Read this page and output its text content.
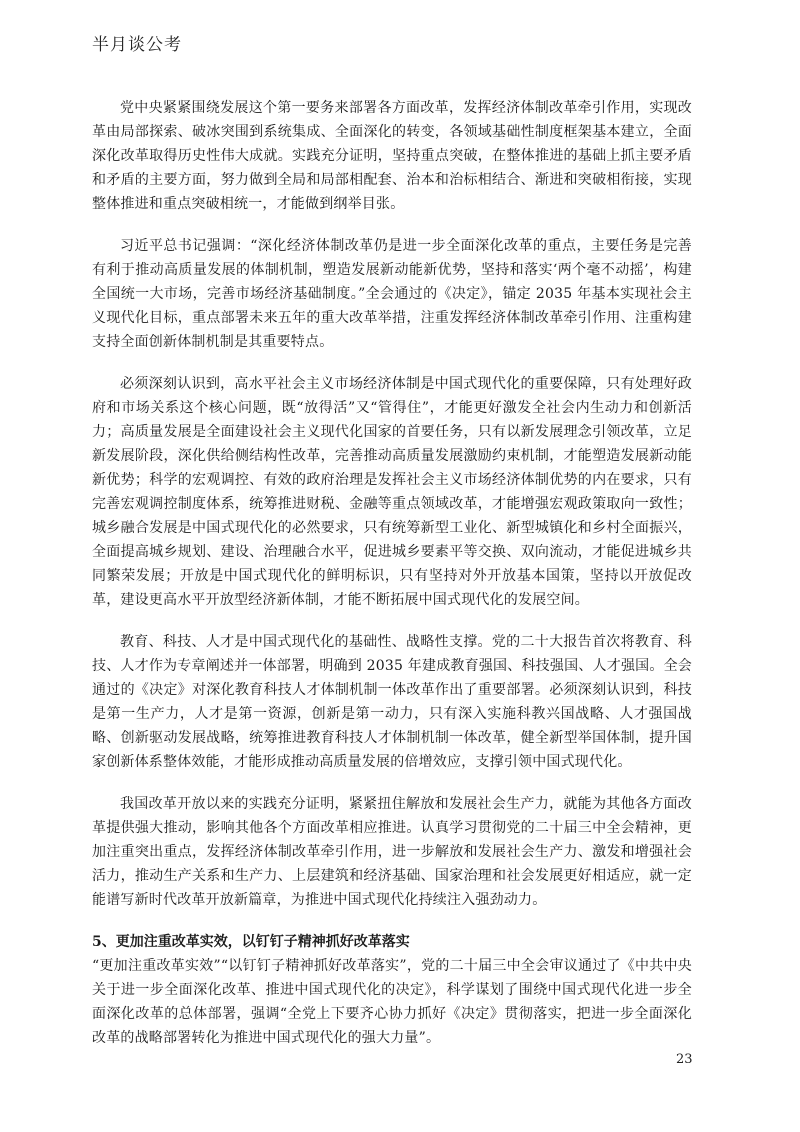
半月谈公考

党中央紧紧围绕发展这个第一要务来部署各方面改革，发挥经济体制改革牵引作用，实现改革由局部探索、破冰突围到系统集成、全面深化的转变，各领域基础性制度框架基本建立，全面深化改革取得历史性伟大成就。实践充分证明，坚持重点突破，在整体推进的基础上抓主要矛盾和矛盾的主要方面，努力做到全局和局部相配套、治本和治标相结合、渐进和突破相衔接，实现整体推进和重点突破相统一，才能做到纲举目张。

习近平总书记强调：“深化经济体制改革仍是进一步全面深化改革的重点，主要任务是完善有利于推动高质量发展的体制机制，塑造发展新动能新优势，坚持和落实‘两个毫不动摇’，构建全国统一大市场，完善市场经济基础制度。”全会通过的《决定》，锚定 2035 年基本实现社会主义现代化目标，重点部署未来五年的重大改革举措，注重发挥经济体制改革牵引作用、注重构建支持全面创新体制机制是其重要特点。

必须深刻认识到，高水平社会主义市场经济体制是中国式现代化的重要保障，只有处理好政府和市场关系这个核心问题，既“放得活”又“管得住”，才能更好激发全社会内生动力和创新活力；高质量发展是全面建设社会主义现代化国家的首要任务，只有以新发展理念引领改革，立足新发展阶段，深化供给侧结构性改革，完善推动高质量发展激励约束机制，才能塑造发展新动能新优势；科学的宏观调控、有效的政府治理是发挥社会主义市场经济体制优势的内在要求，只有完善宏观调控制度体系，统筹推进财税、金融等重点领域改革，才能增强宏观政策取向一致性；城乡融合发展是中国式现代化的必然要求，只有统筹新型工业化、新型城镇化和乡村全面振兴，全面提高城乡规划、建设、治理融合水平，促进城乡要素平等交换、双向流动，才能促进城乡共同繁荣发展；开放是中国式现代化的鲜明标识，只有坚持对外开放基本国策，坚持以开放促改革，建设更高水平开放型经济新体制，才能不断拓展中国式现代化的发展空间。

教育、科技、人才是中国式现代化的基础性、战略性支撑。党的二十大报告首次将教育、科技、人才作为专章阐述并一体部署，明确到 2035 年建成教育强国、科技强国、人才强国。全会通过的《决定》对深化教育科技人才体制机制一体改革作出了重要部署。必须深刻认识到，科技是第一生产力，人才是第一资源，创新是第一动力，只有深入实施科教兴国战略、人才强国战略、创新驱动发展战略，统筹推进教育科技人才体制机制一体改革，健全新型举国体制，提升国家创新体系整体效能，才能形成推动高质量发展的倍增效应，支撑引领中国式现代化。

我国改革开放以来的实践充分证明，紧紧扭住解放和发展社会生产力，就能为其他各方面改革提供强大推动，影响其他各个方面改革相应推进。认真学习贯彻党的二十届三中全会精神，更加注重突出重点，发挥经济体制改革牵引作用，进一步解放和发展社会生产力、激发和增强社会活力，推动生产关系和生产力、上层建筑和经济基础、国家治理和社会发展更好相适应，就一定能谱写新时代改革开放新篇章，为推进中国式现代化持续注入强劲动力。

5、更加注重改革实效，以钉钉子精神抓好改革落实

“更加注重改革实效”“以钉钉子精神抓好改革落实”，党的二十届三中全会审议通过了《中共中央关于进一步全面深化改革、推进中国式现代化的决定》，科学谋划了围绕中国式现代化进一步全面深化改革的总体部署，强调“全党上下要齐心协力抓好《决定》贯彻落实，把进一步全面深化改革的战略部署转化为推进中国式现代化的强大力量”。

23
